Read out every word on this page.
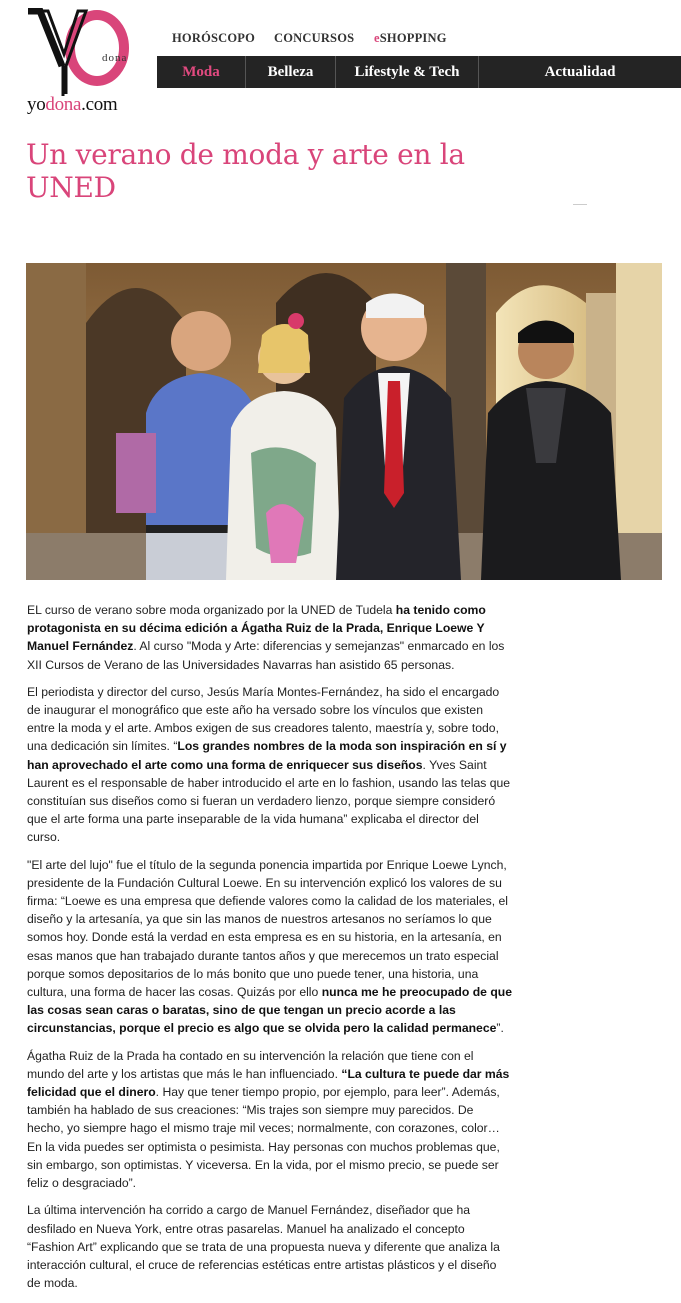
dona
yodona.com
HORÓSCOPO	CONCURSOS	eSHOPPING
Moda	Belleza	Lifestyle & Tech	Actualidad
Un verano de moda y arte en la UNED

EL curso de verano sobre moda organizado por la UNED de Tudela ha tenido como protagonista en su décima edición a Ágatha Ruiz de la Prada, Enrique Loewe Y Manuel Fernández. Al curso "Moda y Arte: diferencias y semejanzas" enmarcado en los XII Cursos de Verano de las Universidades Navarras han asistido 65 personas.

El periodista y director del curso, Jesús María Montes-Fernández, ha sido el encargado de inaugurar el monográfico que este año ha versado sobre los vínculos que existen entre la moda y el arte. Ambos exigen de sus creadores talento, maestría y, sobre todo, una dedicación sin límites. “Los grandes nombres de la moda son inspiración en sí y han aprovechado el arte como una forma de enriquecer sus diseños. Yves Saint Laurent es el responsable de haber introducido el arte en lo fashion, usando las telas que constituían sus diseños como si fueran un verdadero lienzo, porque siempre consideró que el arte forma una parte inseparable de la vida humana” explicaba el director del curso.

"El arte del lujo" fue el título de la segunda ponencia impartida por Enrique Loewe Lynch, presidente de la Fundación Cultural Loewe. En su intervención explicó los valores de su firma: “Loewe es una empresa que defiende valores como la calidad de los materiales, el diseño y la artesanía, ya que sin las manos de nuestros artesanos no seríamos lo que somos hoy. Donde está la verdad en esta empresa es en su historia, en la artesanía, en esas manos que han trabajado durante tantos años y que merecemos un trato especial porque somos depositarios de lo más bonito que uno puede tener, una historia, una cultura, una forma de hacer las cosas. Quizás por ello nunca me he preocupado de que las cosas sean caras o baratas, sino de que tengan un precio acorde a las circunstancias, porque el precio es algo que se olvida pero la calidad permanece”.

Ágatha Ruiz de la Prada ha contado en su intervención la relación que tiene con el mundo del arte y los artistas que más le han influenciado. “La cultura te puede dar más felicidad que el dinero. Hay que tener tiempo propio, por ejemplo, para leer”. Además, también ha hablado de sus creaciones: “Mis trajes son siempre muy parecidos. De hecho, yo siempre hago el mismo traje mil veces; normalmente, con corazones, color…En la vida puedes ser optimista o pesimista. Hay personas con muchos problemas que, sin embargo, son optimistas. Y viceversa. En la vida, por el mismo precio, se puede ser feliz o desgraciado”.

La última intervención ha corrido a cargo de Manuel Fernández, diseñador que ha desfilado en Nueva York, entre otras pasarelas. Manuel ha analizado el concepto “Fashion Art” explicando que se trata de una propuesta nueva y diferente que analiza la interacción cultural, el cruce de referencias estéticas entre artistas plásticos y el diseño de moda.
